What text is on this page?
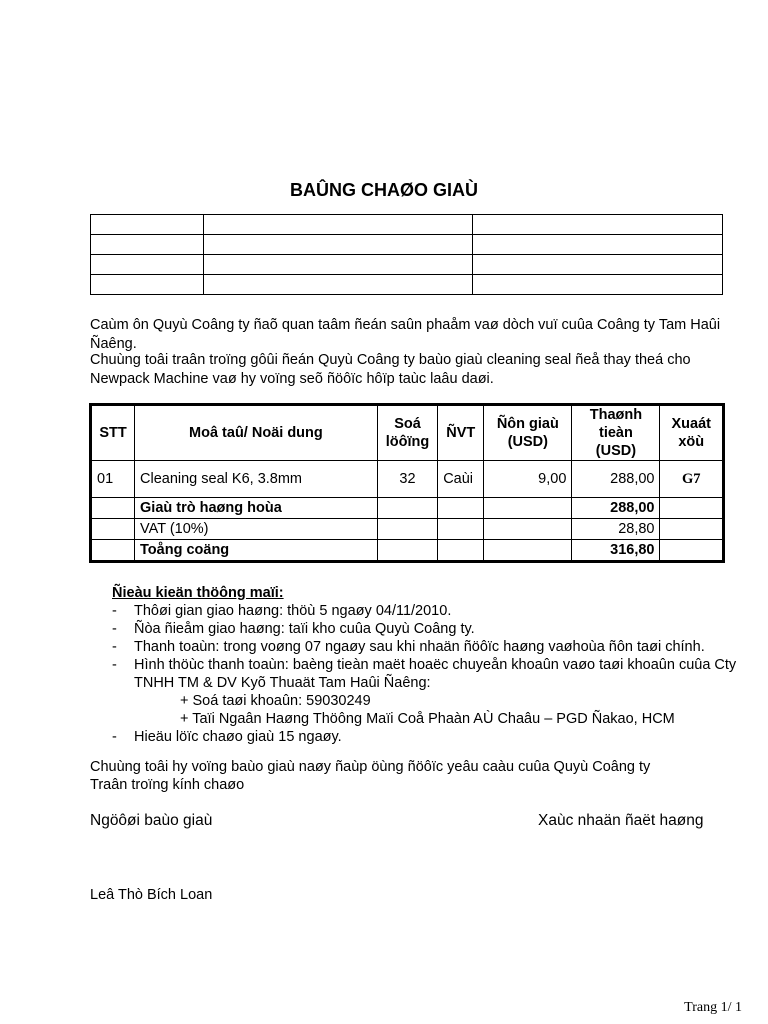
BAÛNG CHAØO GIAÙ

Caùm ôn Quyù Coâng ty ñaõ quan taâm ñeán saûn phaåm vaø dòch vuï cuûa Coâng ty Tam Haûi Ñaêng.
Chuùng toâi traân troïng gôûi ñeán Quyù Coâng ty baùo giaù cleaning seal ñeå thay theá cho Newpack Machine vaø hy voïng seõ ñöôïc hôïp taùc laâu daøi.
STT	Moâ taû/ Noäi dung	Soá löôïng	ÑVT	Ñôn giaù (USD)	Thaønh tieàn (USD)	Xuaát xöù
01	Cleaning seal K6, 3.8mm	32	Caùi	9,00	288,00	G7
	Giaù trò haøng hoùa				288,00	
	VAT (10%)				28,80	
	Toång coäng				316,80	
Ñieàu kieän thöông maïi:
- Thôøi gian giao haøng: thöù 5 ngaøy 04/11/2010.
- Ñòa ñieåm giao haøng: taïi kho cuûa Quyù Coâng ty.
- Thanh toaùn: trong voøng 07 ngaøy sau khi nhaän ñöôïc haøng vaøhoùa ñôn taøi chính.
- Hình thöùc thanh toaùn: baèng tieàn maët hoaëc chuyeån khoaûn vaøo taøi khoaûn cuûa Cty TNHH TM & DV Kyõ Thuaät Tam Haûi Ñaêng:
+ Soá taøi khoaûn: 59030249
+ Taïi Ngaân Haøng Thöông Maïi Coå Phaàn AÙ Chaâu – PGD Ñakao, HCM
- Hieäu löïc chaøo giaù 15 ngaøy.
Chuùng toâi hy voïng baùo giaù naøy ñaùp öùng ñöôïc yeâu caàu cuûa Quyù Coâng ty
Traân troïng kính chaøo
Ngöôøi baùo giaù	Xaùc nhaän ñaët haøng
Leâ Thò Bích Loan
Trang 1/ 1
